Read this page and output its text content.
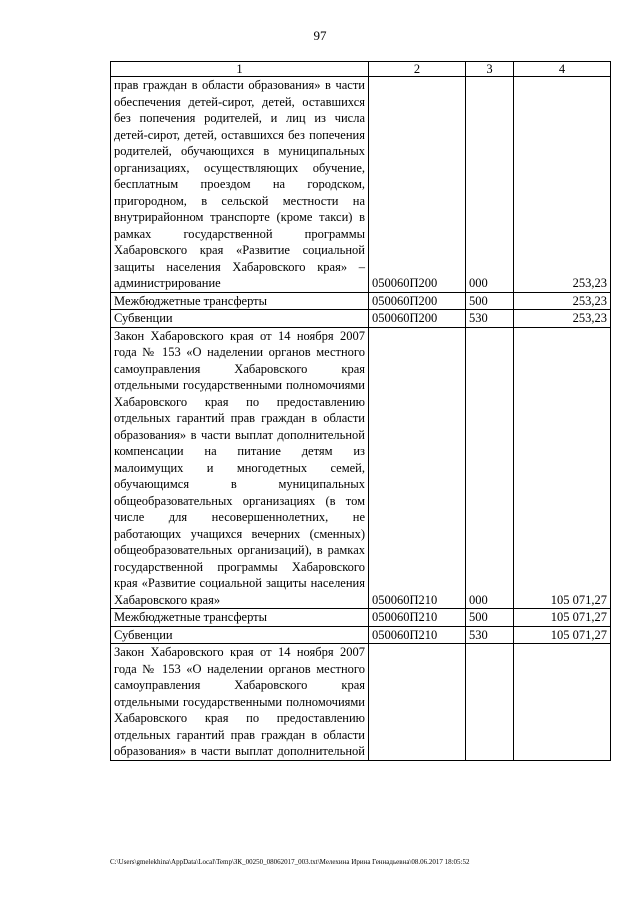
97
1	2	3	4
прав граждан в области образования» в части обеспечения детей-сирот, детей, оставшихся без попечения родителей, и лиц из числа детей-сирот, детей, оставшихся без попечения родителей, обучающихся в муниципальных организациях, осуществляющих обучение, бесплатным проездом на городском, пригородном, в сельской местности на внутрирайонном транспорте (кроме такси) в рамках государственной программы Хабаровского края «Развитие социальной защиты населения Хабаровского края» – администрирование	050060П200	000	253,23
Межбюджетные трансферты	050060П200	500	253,23
Субвенции	050060П200	530	253,23
Закон Хабаровского края от 14 ноября 2007 года № 153 «О наделении органов местного самоуправления Хабаровского края отдельными государственными полномочиями Хабаровского края по предоставлению отдельных гарантий прав граждан в области образования» в части выплат дополнительной компенсации на питание детям из малоимущих и многодетных семей, обучающимся в муниципальных общеобразовательных организациях (в том числе для несовершеннолетних, не работающих учащихся вечерних (сменных) общеобразовательных организаций), в рамках государственной программы Хабаровского края «Развитие социальной защиты населения Хабаровского края»	050060П210	000	105 071,27
Межбюджетные трансферты	050060П210	500	105 071,27
Субвенции	050060П210	530	105 071,27
Закон Хабаровского края от 14 ноября 2007 года № 153 «О наделении органов местного самоуправления Хабаровского края отдельными государственными полномочиями Хабаровского края по предоставлению отдельных гарантий прав граждан в области образования» в части выплат дополнительной			
C:\Users\gmelekhina\AppData\Local\Temp\ЗК_00250_08062017_003.txt\Мелехина Ирина Геннадьевна\08.06.2017 18:05:52
